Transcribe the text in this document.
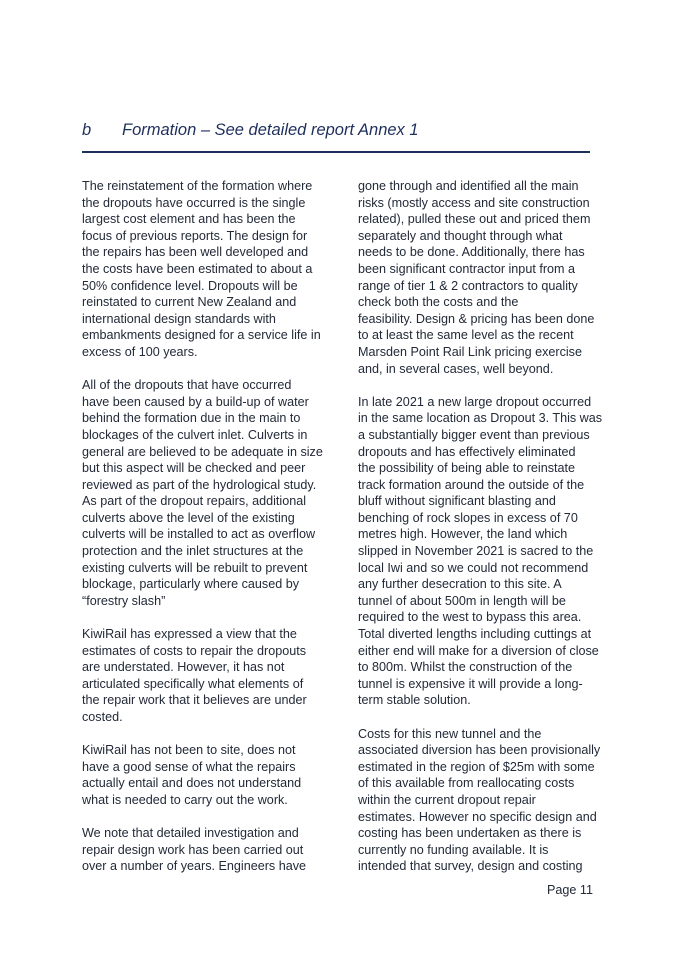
b	Formation – See detailed report Annex 1
The reinstatement of the formation where
the dropouts have occurred is the single
largest cost element and has been the
focus of previous reports. The design for
the repairs has been well developed and
the costs have been estimated to about a
50% confidence level. Dropouts will be
reinstated to current New Zealand and
international design standards with
embankments designed for a service life in
excess of 100 years.
All of the dropouts that have occurred
have been caused by a build-up of water
behind the formation due in the main to
blockages of the culvert inlet. Culverts in
general are believed to be adequate in size
but this aspect will be checked and peer
reviewed as part of the hydrological study.
As part of the dropout repairs, additional
culverts above the level of the existing
culverts will be installed to act as overflow
protection and the inlet structures at the
existing culverts will be rebuilt to prevent
blockage, particularly where caused by
“forestry slash”
KiwiRail has expressed a view that the
estimates of costs to repair the dropouts
are understated. However, it has not
articulated specifically what elements of
the repair work that it believes are under
costed.
KiwiRail has not been to site, does not
have a good sense of what the repairs
actually entail and does not understand
what is needed to carry out the work.
We note that detailed investigation and
repair design work has been carried out
over a number of years. Engineers have
gone through and identified all the main
risks (mostly access and site construction
related), pulled these out and priced them
separately and thought through what
needs to be done. Additionally, there has
been significant contractor input from a
range of tier 1 & 2 contractors to quality
check both the costs and the
feasibility. Design & pricing has been done
to at least the same level as the recent
Marsden Point Rail Link pricing exercise
and, in several cases, well beyond.
In late 2021 a new large dropout occurred
in the same location as Dropout 3. This was
a substantially bigger event than previous
dropouts and has effectively eliminated
the possibility of being able to reinstate
track formation around the outside of the
bluff without significant blasting and
benching of rock slopes in excess of 70
metres high. However, the land which
slipped in November 2021 is sacred to the
local Iwi and so we could not recommend
any further desecration to this site. A
tunnel of about 500m in length will be
required to the west to bypass this area.
Total diverted lengths including cuttings at
either end will make for a diversion of close
to 800m. Whilst the construction of the
tunnel is expensive it will provide a long-
term stable solution.
Costs for this new tunnel and the
associated diversion has been provisionally
estimated in the region of $25m with some
of this available from reallocating costs
within the current dropout repair
estimates. However no specific design and
costing has been undertaken as there is
currently no funding available. It is
intended that survey, design and costing
Page 11
